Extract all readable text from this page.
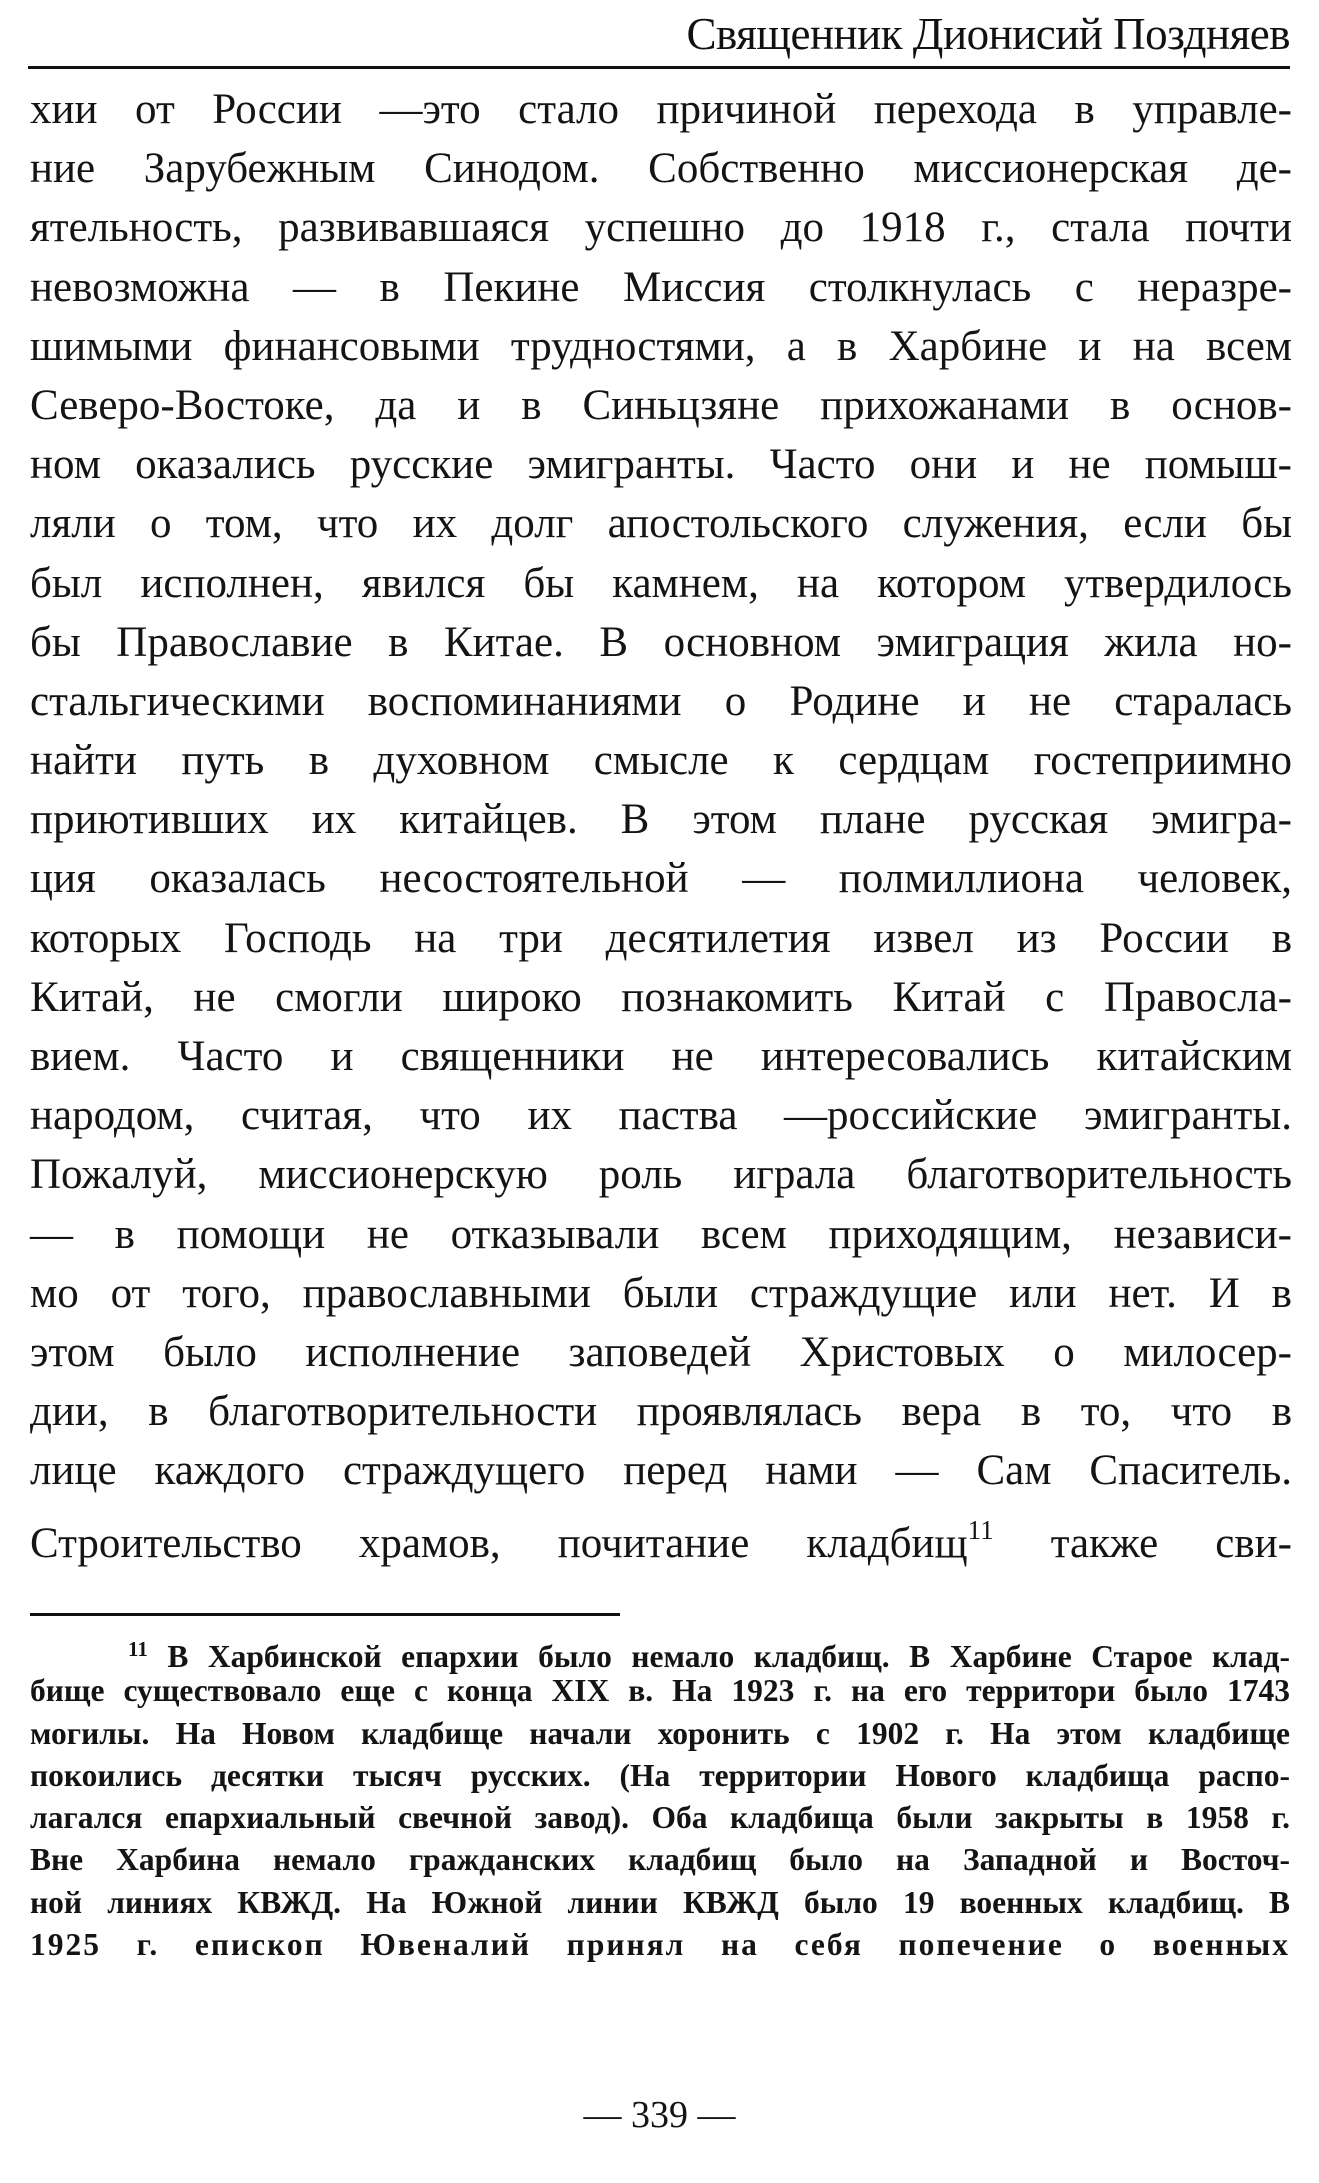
Священник Дионисий Поздняев
хии от России —это стало причиной перехода в управле-
ние Зарубежным Синодом. Собственно миссионерская де-
ятельность, развивавшаяся успешно до 1918 г., стала почти
невозможна — в Пекине Миссия столкнулась с неразре-
шимыми финансовыми трудностями, а в Харбине и на всем
Северо-Востоке, да и в Синьцзяне прихожанами в основ-
ном оказались русские эмигранты. Часто они и не помыш-
ляли о том, что их долг апостольского служения, если бы
был исполнен, явился бы камнем, на котором утвердилось
бы Православие в Китае. В основном эмиграция жила но-
стальгическими воспоминаниями о Родине и не старалась
найти путь в духовном смысле к сердцам гостеприимно
приютивших их китайцев. В этом плане русская эмигра-
ция оказалась несостоятельной — полмиллиона человек,
которых Господь на три десятилетия извел из России в
Китай, не смогли широко познакомить Китай с Правосла-
вием. Часто и священники не интересовались китайским
народом, считая, что их паства —российские эмигранты.
Пожалуй, миссионерскую роль играла благотворительность
— в помощи не отказывали всем приходящим, независи-
мо от того, православными были страждущие или нет. И в
этом было исполнение заповедей Христовых о милосер-
дии, в благотворительности проявлялась вера в то, что в
лице каждого страждущего перед нами — Сам Спаситель.
Строительство храмов, почитание кладбищ$^{11}$ также сви-
$^{11}$ В Харбинской епархии было немало кладбищ. В Харбине Старое клад-
бище существовало еще с конца XIX в. На 1923 г. на его территори было 1743
могилы. На Новом кладбище начали хоронить с 1902 г. На этом кладбище
покоились десятки тысяч русских. (На территории Нового кладбища распо-
лагался епархиальный свечной завод). Оба кладбища были закрыты в 1958 г.
Вне Харбина немало гражданских кладбищ было на Западной и Восточ-
ной линиях КВЖД. На Южной линии КВЖД было 19 военных кладбищ. В
1925 г. епископ Ювеналий принял на себя попечение о военных
— 339 —
